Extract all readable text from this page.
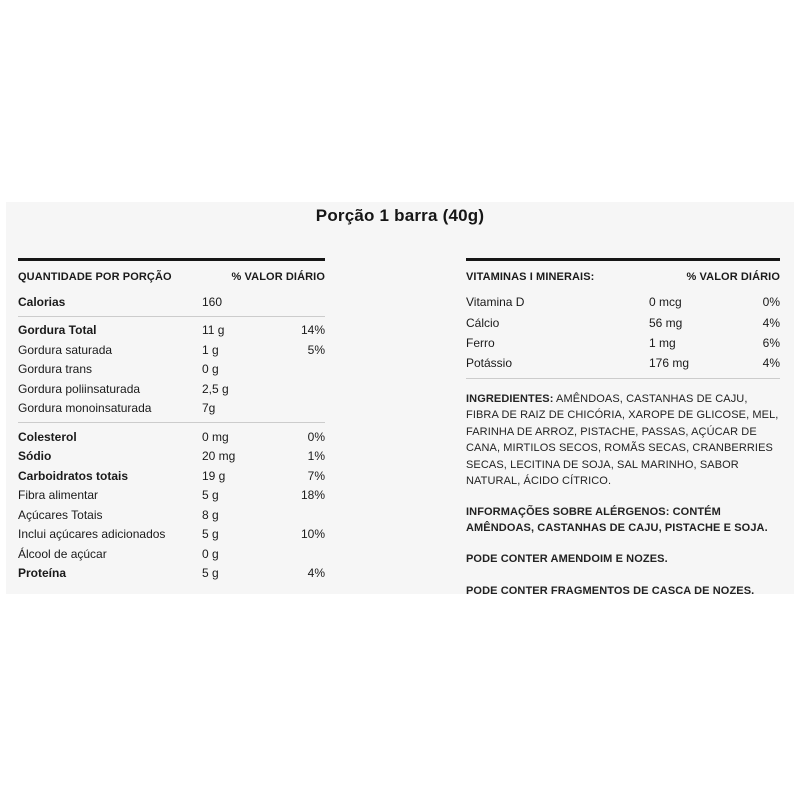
Porção 1 barra (40g)
QUANTIDADE POR PORÇÃO	% VALOR DIÁRIO
Calorias	160
Gordura Total	11 g	14%
Gordura saturada	1 g	5%
Gordura trans	0 g
Gordura poliinsaturada	2,5 g
Gordura monoinsaturada	7g
Colesterol	0 mg	0%
Sódio	20 mg	1%
Carboidratos totais	19 g	7%
Fibra alimentar	5 g	18%
Açúcares Totais	8 g
Inclui açúcares adicionados	5 g	10%
Álcool de açúcar	0 g
Proteína	5 g	4%
VITAMINAS I MINERAIS:	% VALOR DIÁRIO
Vitamina D	0 mcg	0%
Cálcio	56 mg	4%
Ferro	1 mg	6%
Potássio	176 mg	4%

INGREDIENTES: AMÊNDOAS, CASTANHAS DE CAJU, FIBRA DE RAIZ DE CHICÓRIA, XAROPE DE GLICOSE, MEL, FARINHA DE ARROZ, PISTACHE, PASSAS, AÇÚCAR DE CANA, MIRTILOS SECOS, ROMÃS SECAS, CRANBERRIES SECAS, LECITINA DE SOJA, SAL MARINHO, SABOR NATURAL, ÁCIDO CÍTRICO.

INFORMAÇÕES SOBRE ALÉRGENOS: CONTÉM AMÊNDOAS, CASTANHAS DE CAJU, PISTACHE E SOJA.

PODE CONTER AMENDOIM E NOZES.

PODE CONTER FRAGMENTOS DE CASCA DE NOZES.
